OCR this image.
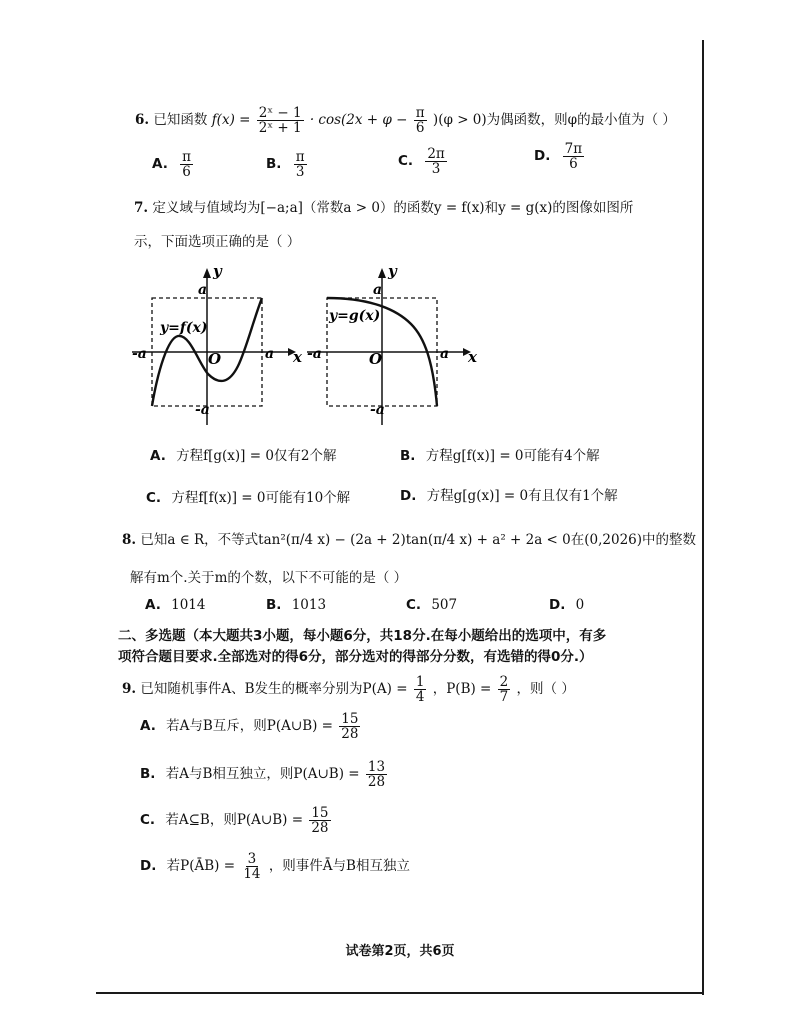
6. 已知函数 $f(x) = \frac{\text{2ˣ − 1}}{\text{2ˣ + 1}} \cdot \cos(2x + \varphi - \frac{\pi}{6} )(\varphi > 0)$为偶函数，则φ的最小值为（ ）
A. $\frac{\pi}{6}$	B. $\frac{\pi}{3}$	C. $\frac{2\pi}{3}$	D. $\frac{7\pi}{6}$
7. 定义域与值域均为[−a;a]（常数a > 0）的函数y = f(x)和y = g(x)的图像如图所
示，下面选项正确的是（ ）
y
x
a
-a	O	a
-a
y=f(x)
y
x
a
-a	O	a
-a
y=g(x)
A. 方程f[g(x)] = 0仅有2个解	B. 方程g[f(x)] = 0可能有4个解
C. 方程f[f(x)] = 0可能有10个解	D. 方程g[g(x)] = 0有且仅有1个解
8. 已知a ∈ R，不等式tan²(π/4 x) − (2a + 2)tan(π/4 x) + a² + 2a < 0在(0,2026)中的整数
解有m个.关于m的个数，以下不可能的是（ ）
A. 1014	B. 1013	C. 507	D. 0
二、多选题（本大题共3小题，每小题6分，共18分.在每小题给出的选项中，有多
项符合题目要求.全部选对的得6分，部分选对的得部分分数，有选错的得0分.）
9. 已知随机事件A、B发生的概率分别为$P(A) = \frac{1}{4}$ ，$P(B) = \frac{2}{7}$ ，则（ ）
A. 若A与B互斥，则P(A∪B) = $\frac{15}{28}$
B. 若A与B相互独立，则P(A∪B) = $\frac{13}{28}$
C. 若A⊆B，则P(A∪B) = $\frac{15}{28}$
D. 若P(ĀB) = $\frac{3}{14}$ ，则事件Ā与B相互独立
试卷第2页，共6页
